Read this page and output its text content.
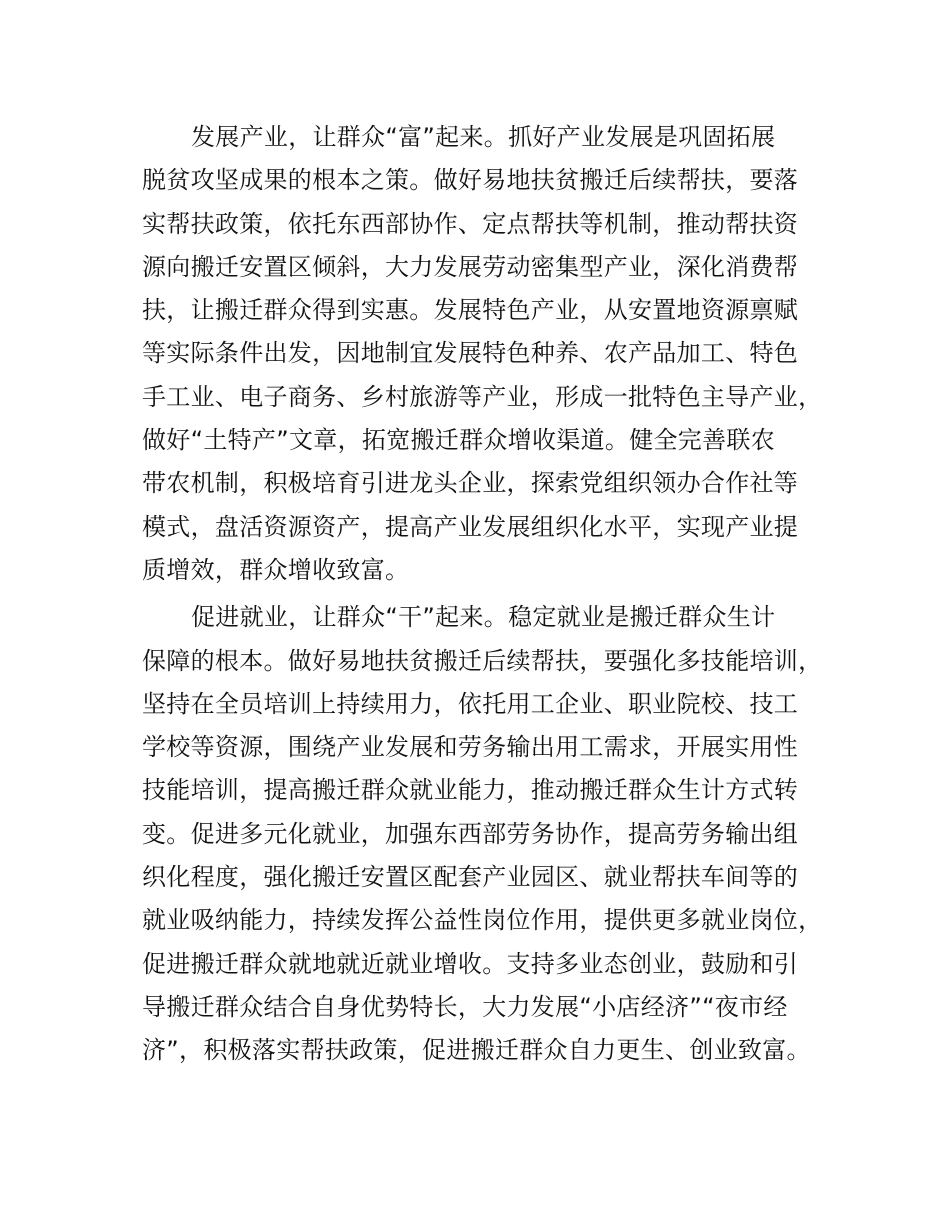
发展产业，让群众“富”起来。抓好产业发展是巩固拓展
脱贫攻坚成果的根本之策。做好易地扶贫搬迁后续帮扶，要落
实帮扶政策，依托东西部协作、定点帮扶等机制，推动帮扶资
源向搬迁安置区倾斜，大力发展劳动密集型产业，深化消费帮
扶，让搬迁群众得到实惠。发展特色产业，从安置地资源禀赋
等实际条件出发，因地制宜发展特色种养、农产品加工、特色
手工业、电子商务、乡村旅游等产业，形成一批特色主导产业，
做好“土特产”文章，拓宽搬迁群众增收渠道。健全完善联农
带农机制，积极培育引进龙头企业，探索党组织领办合作社等
模式，盘活资源资产，提高产业发展组织化水平，实现产业提
质增效，群众增收致富。

促进就业，让群众“干”起来。稳定就业是搬迁群众生计
保障的根本。做好易地扶贫搬迁后续帮扶，要强化多技能培训，
坚持在全员培训上持续用力，依托用工企业、职业院校、技工
学校等资源，围绕产业发展和劳务输出用工需求，开展实用性
技能培训，提高搬迁群众就业能力，推动搬迁群众生计方式转
变。促进多元化就业，加强东西部劳务协作，提高劳务输出组
织化程度，强化搬迁安置区配套产业园区、就业帮扶车间等的
就业吸纳能力，持续发挥公益性岗位作用，提供更多就业岗位，
促进搬迁群众就地就近就业增收。支持多业态创业，鼓励和引
导搬迁群众结合自身优势特长，大力发展“小店经济”“夜市经
济”，积极落实帮扶政策，促进搬迁群众自力更生、创业致富。
